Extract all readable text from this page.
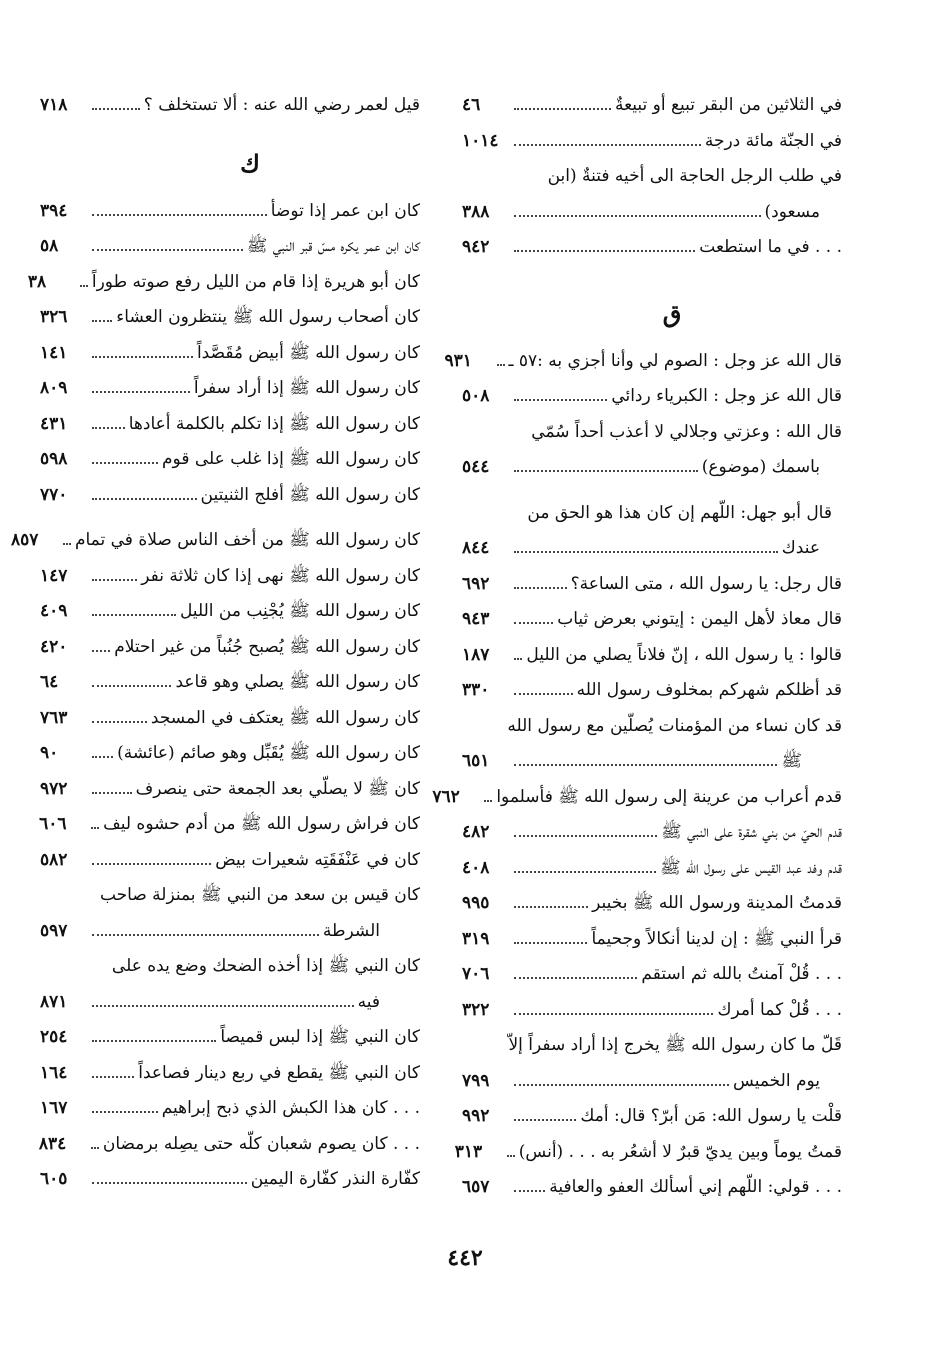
في الثلاثين من البقر تبيع أو تبيعةٌ
٤٦
في الجنّة مائة درجة
١٠١٤
في طلب الرجل الحاجة الى أخيه فتنةٌ (ابن
مسعود)
٣٨٨
. . . في ما استطعت
٩٤٢
ق
قال الله عز وجل : الصوم لي وأنا أجزي به :٥٧ ـ
٩٣١
قال الله عز وجل : الكبرياء ردائي
٥٠٨
قال الله : وعزتي وجلالي لا أعذب أحداً سُمّي
باسمك (موضوع)
٥٤٤
قال أبو جهل: اللّهم إن كان هذا هو الحق من
عندك
٨٤٤
قال رجل: يا رسول الله ، متى الساعة؟
٦٩٢
قال معاذ لأهل اليمن : إيتوني بعرض ثياب
٩٤٣
قالوا : يا رسول الله ، إنّ فلاناً يصلي من الليل
١٨٧
قد أظلكم شهركم بمخلوف رسول الله
٣٣٠
قد كان نساء من المؤمنات يُصلّين مع رسول الله
ﷺ
٦٥١
قدم أعراب من عرينة إلى رسول الله ﷺ فأسلموا
٧٦٢
قدم الحيّ من بني شقرة على النبي ﷺ
٤٨٢
قدم وفد عبد القيس على رسول الله ﷺ
٤٠٨
قدمتُ المدينة ورسول الله ﷺ بخيبر
٩٩٥
قرأ النبي ﷺ : إن لدينا أنكالاً وجحيماً
٣١٩
. . . قُلْ آمنتُ بالله ثم استقم
٧٠٦
. . . قُلْ كما أمرك
٣٢٢
قَلّ ما كان رسول الله ﷺ يخرج إذا أراد سفراً إلاّ
يوم الخميس
٧٩٩
قلْت يا رسول الله: مَن أبرّ؟ قال: أمك
٩٩٢
قمتُ يوماً وبين يديّ قبرٌ لا أشعُر به . . . (أنس)
٣١٣
. . . قولي: اللّهم إني أسألك العفو والعافية
٦٥٧
قيل لعمر رضي الله عنه : ألا تستخلف ؟
٧١٨
ك
كان ابن عمر إذا توضأ
٣٩٤
كان ابن عمر يكره مسّ قبر النبي ﷺ
٥٨
كان أبو هريرة إذا قام من الليل رفع صوته طوراً
٣٨
كان أصحاب رسول الله ﷺ ينتظرون العشاء
٣٢٦
كان رسول الله ﷺ أبيض مُقَصَّداً
١٤١
كان رسول الله ﷺ إذا أراد سفراً
٨٠٩
كان رسول الله ﷺ إذا تكلم بالكلمة أعادها
٤٣١
كان رسول الله ﷺ إذا غلب على قوم
٥٩٨
كان رسول الله ﷺ أفلج الثنيتين
٧٧٠
كان رسول الله ﷺ من أخف الناس صلاة في تمام
٨٥٧
كان رسول الله ﷺ نهى إذا كان ثلاثة نفر
١٤٧
كان رسول الله ﷺ يُجْنِب من الليل
٤٠٩
كان رسول الله ﷺ يُصبح جُنُباً من غير احتلام
٤٢٠
كان رسول الله ﷺ يصلي وهو قاعد
٦٤
كان رسول الله ﷺ يعتكف في المسجد
٧٦٣
كان رسول الله ﷺ يُقَبِّل وهو صائم (عائشة)
٩٠
كان ﷺ لا يصلّي بعد الجمعة حتى ينصرف
٩٧٢
كان فراش رسول الله ﷺ من أدم حشوه ليف
٦٠٦
كان في عَنْفَقَتِه شعيرات بيض
٥٨٢
كان قيس بن سعد من النبي ﷺ بمنزلة صاحب
الشرطة
٥٩٧
كان النبي ﷺ إذا أخذه الضحك وضع يده على
فيه
٨٧١
كان النبي ﷺ إذا لبس قميصاً
٢٥٤
كان النبي ﷺ يقطع في ربع دينار فصاعداً
١٦٤
. . . كان هذا الكبش الذي ذبح إبراهيم
١٦٧
. . . كان يصوم شعبان كلّه حتى يصِله برمضان
٨٣٤
كفّارة النذر كفّارة اليمين
٦٠٥
٤٤٢
